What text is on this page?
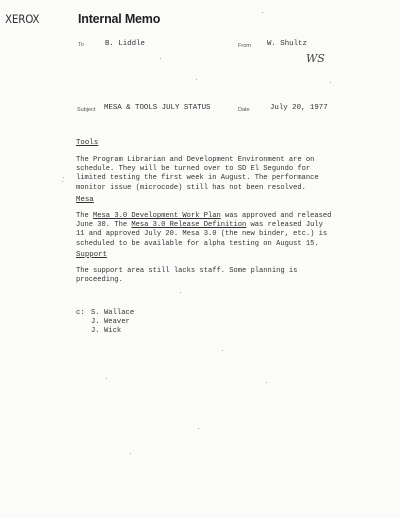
XEROX	Internal Memo
To	B. Liddle	From W. Shultz
WS
Subject MESA & TOOLS JULY STATUS	Date	July 20, 1977
Tools
The Program Librarian and Development Environment are on
schedule. They will be turned over to SD El Segundo for
limited testing the first week in August. The performance
monitor issue (microcode) still has not been resolved.
Mesa
The Mesa 3.0 Development Work Plan was approved and released
June 30. The Mesa 3.0 Release Definition was released July
11 and approved July 20. Mesa 3.0 (the new binder, etc.) is
scheduled to be available for alpha testing on August 15.
Support
The support area still lacks staff. Some planning is
proceeding.
c: S. Wallace
J. Weaver
J. Wick
